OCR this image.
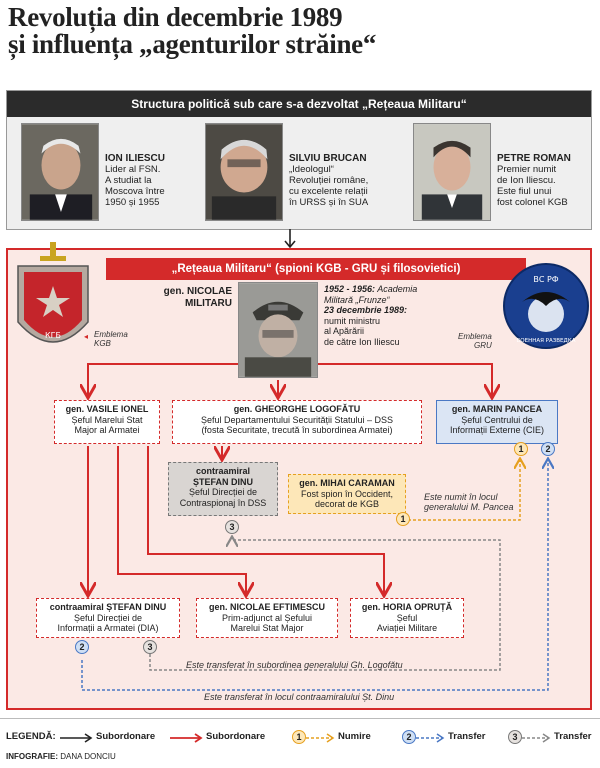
Revoluția din decembrie 1989
și influența „agenturilor străine“
Structura politică sub care s-a dezvoltat „Rețeaua Militaru“
ION ILIESCU
Lider al FSN.
A studiat la
Moscova între
1950 și 1955
SILVIU BRUCAN
„Ideologul“
Revoluției române,
cu excelente relații
în URSS și în SUA
PETRE ROMAN
Premier numit
de Ion Iliescu.
Este fiul unui
fost colonel KGB
„Rețeaua Militaru“ (spioni KGB - GRU și filosovietici)
КГБ	◂ Emblema
KGB
ВС РФ
ВОЕННАЯ РАЗВЕДКА
Emblema
GRU
gen. NICOLAE
MILITARU
1952 - 1956: Academia
Militară „Frunze“
23 decembrie 1989:
numit ministru
al Apărării
de către Ion Iliescu
gen. VASILE IONEL
Șeful Marelui Stat
Major al Armatei
gen. GHEORGHE LOGOFĂTU
Șeful Departamentului Securității Statului – DSS
(fosta Securitate, trecută în subordinea Armatei)
gen. MARIN PANCEA
Șeful Centrului de
Informații Externe (CIE)
contraamiral
ȘTEFAN DINU
Șeful Direcției de
Contraspionaj în DSS
3
gen. MIHAI CARAMAN
Fost spion în Occident,
decorat de KGB
1
Este numit în locul
generalului M. Pancea
1	2
contraamiral ȘTEFAN DINU
Șeful Direcției de
Informații a Armatei (DIA)
2	3
gen. NICOLAE EFTIMESCU
Prim-adjunct al Șefului
Marelui Stat Major
gen. HORIA OPRUȚĂ
Șeful
Aviației Militare
Este transferat în subordinea generalului Gh. Logofătu
Este transferat în locul contraamiralului Șt. Dinu
LEGENDĂ:	Subordonare	Subordonare	1	Numire	2	Transfer	3	Transfer
INFOGRAFIE: DANA DONCIU
